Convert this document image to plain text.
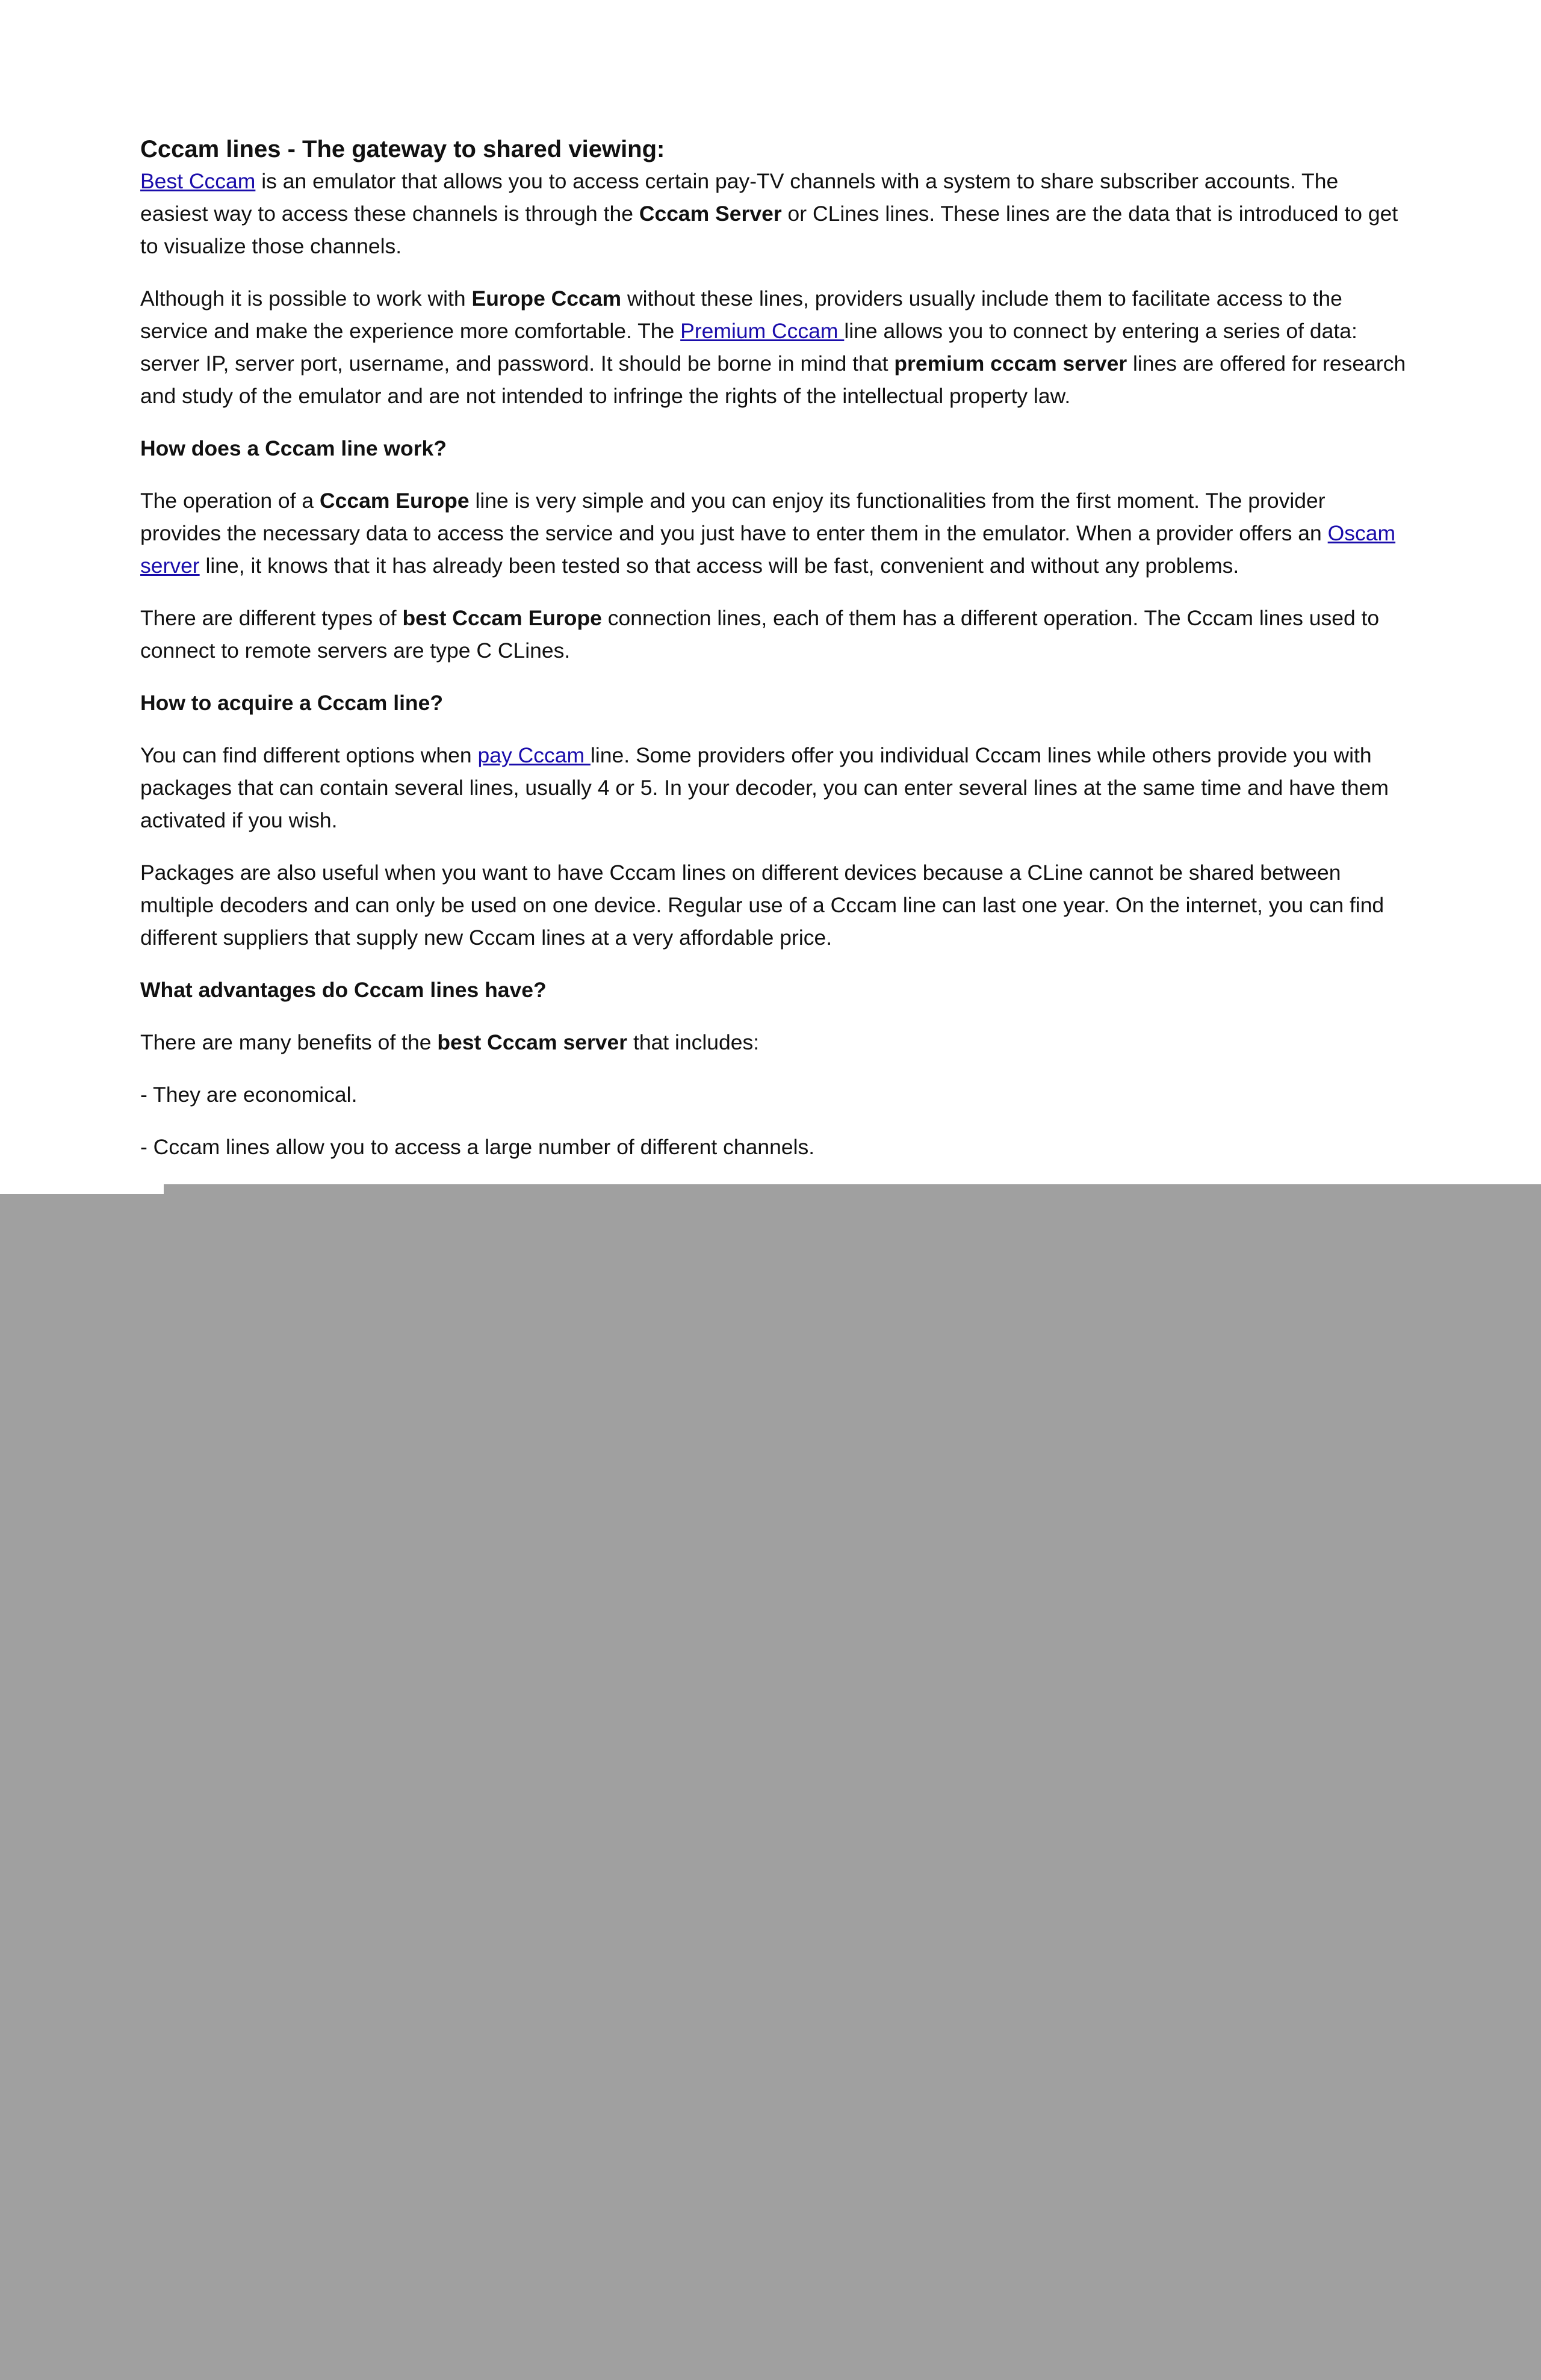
Cccam lines - The gateway to shared viewing:

Best Cccam is an emulator that allows you to access certain pay-TV channels with a system to share subscriber accounts. The easiest way to access these channels is through the Cccam Server or CLines lines. These lines are the data that is introduced to get to visualize those channels.

Although it is possible to work with Europe Cccam without these lines, providers usually include them to facilitate access to the service and make the experience more comfortable. The Premium Cccam line allows you to connect by entering a series of data: server IP, server port, username, and password. It should be borne in mind that premium cccam server lines are offered for research and study of the emulator and are not intended to infringe the rights of the intellectual property law.

How does a Cccam line work?

The operation of a Cccam Europe line is very simple and you can enjoy its functionalities from the first moment. The provider provides the necessary data to access the service and you just have to enter them in the emulator. When a provider offers an Oscam server line, it knows that it has already been tested so that access will be fast, convenient and without any problems.

There are different types of best Cccam Europe connection lines, each of them has a different operation. The Cccam lines used to connect to remote servers are type C CLines.

How to acquire a Cccam line?

You can find different options when pay Cccam line. Some providers offer you individual Cccam lines while others provide you with packages that can contain several lines, usually 4 or 5. In your decoder, you can enter several lines at the same time and have them activated if you wish.

Packages are also useful when you want to have Cccam lines on different devices because a CLine cannot be shared between multiple decoders and can only be used on one device. Regular use of a Cccam line can last one year. On the internet, you can find different suppliers that supply new Cccam lines at a very affordable price.

What advantages do Cccam lines have?

There are many benefits of the best Cccam server that includes:

- They are economical.

- Cccam lines allow you to access a large number of different channels.
